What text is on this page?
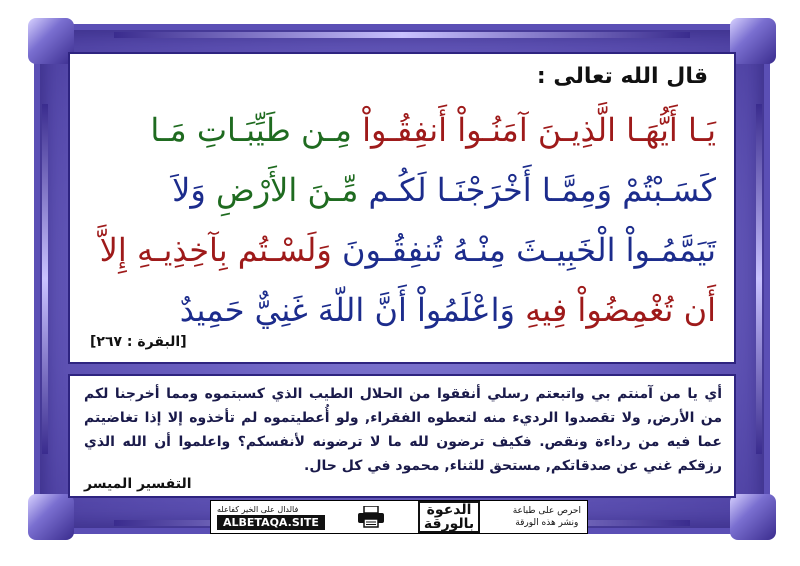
قال الله تعالى :
يَـا أَيُّهَـا الَّذِيـنَ آمَنُـواْ أَنفِقُـواْ مِـن طَيِّبَـاتِ مَـا
كَسَـبْتُمْ وَمِمَّـا أَخْرَجْنَـا لَكُـم مِّـنَ الأَرْضِ وَلاَ
تَيَمَّمُـواْ الْخَبِيـثَ مِنْـهُ تُنفِقُـونَ وَلَسْـتُم بِآخِذِيـهِ إِلاَّ
أَن تُغْمِضُواْ فِيهِ وَاعْلَمُواْ أَنَّ اللّهَ غَنِيٌّ حَمِيدٌ
[البقرة : ٢٦٧]
أي يا من آمنتم بي واتبعتم رسلي أنفقوا من الحلال الطيب الذي كسبتموه ومما أخرجنا لكم من الأرض, ولا تقصدوا الرديء منه لتعطوه الفقراء, ولو أُعطيتموه لم تأخذوه إلا إذا تغاضيتم عما فيه من رداءة ونقص. فكيف ترضون لله ما لا ترضونه لأنفسكم؟ واعلموا أن الله الذي رزقكم غني عن صدقاتكم, مستحق للثناء, محمود في كل حال.
التفسير الميسر
فالدال على الخير كفاعله
ALBETAQA.SITE
الدعوة
بالورقة
احرص على طباعة
ونشر هذه الورقة
